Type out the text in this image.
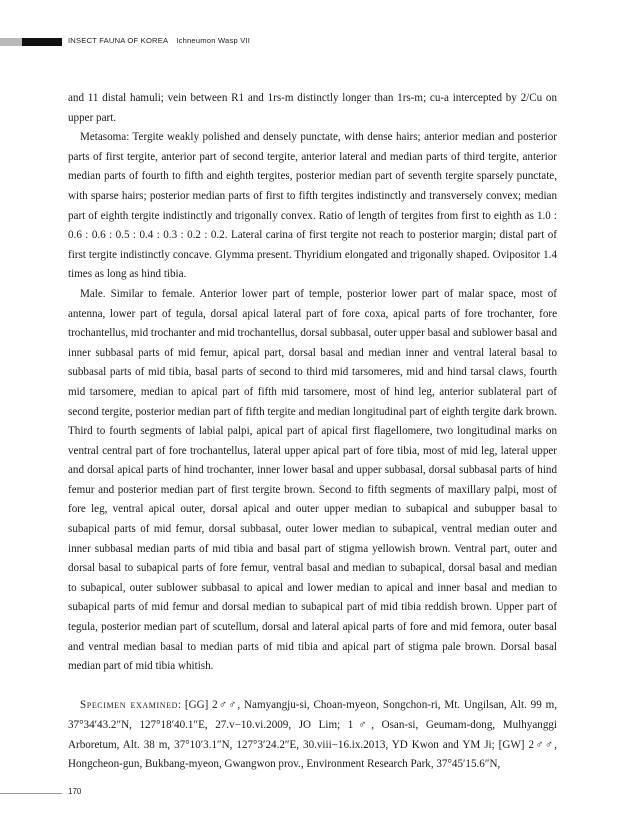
INSECT FAUNA OF KOREA Ichneumon Wasp VII

and 11 distal hamuli; vein between R1 and 1rs-m distinctly longer than 1rs-m; cu-a intercepted by 2/Cu on upper part.

Metasoma: Tergite weakly polished and densely punctate, with dense hairs; anterior median and posterior parts of first tergite, anterior part of second tergite, anterior lateral and median parts of third tergite, anterior median parts of fourth to fifth and eighth tergites, posterior median part of seventh tergite sparsely punctate, with sparse hairs; posterior median parts of first to fifth tergites indistinctly and transversely convex; median part of eighth tergite indistinctly and trigonally convex. Ratio of length of tergites from first to eighth as 1.0 : 0.6 : 0.6 : 0.5 : 0.4 : 0.3 : 0.2 : 0.2. Lateral carina of first tergite not reach to posterior margin; distal part of first tergite indistinctly concave. Glymma present. Thyridium elongated and trigonally shaped. Ovipositor 1.4 times as long as hind tibia.

Male. Similar to female. Anterior lower part of temple, posterior lower part of malar space, most of antenna, lower part of tegula, dorsal apical lateral part of fore coxa, apical parts of fore trochanter, fore trochantellus, mid trochanter and mid trochantellus, dorsal subbasal, outer upper basal and sublower basal and inner subbasal parts of mid femur, apical part, dorsal basal and median inner and ventral lateral basal to subbasal parts of mid tibia, basal parts of second to third mid tarsomeres, mid and hind tarsal claws, fourth mid tarsomere, median to apical part of fifth mid tarsomere, most of hind leg, anterior sublateral part of second tergite, posterior median part of fifth tergite and median longitudinal part of eighth tergite dark brown. Third to fourth segments of labial palpi, apical part of apical first flagellomere, two longitudinal marks on ventral central part of fore trochantellus, lateral upper apical part of fore tibia, most of mid leg, lateral upper and dorsal apical parts of hind trochanter, inner lower basal and upper subbasal, dorsal subbasal parts of hind femur and posterior median part of first tergite brown. Second to fifth segments of maxillary palpi, most of fore leg, ventral apical outer, dorsal apical and outer upper median to subapical and subupper basal to subapical parts of mid femur, dorsal subbasal, outer lower median to subapical, ventral median outer and inner subbasal median parts of mid tibia and basal part of stigma yellowish brown. Ventral part, outer and dorsal basal to subapical parts of fore femur, ventral basal and median to subapical, dorsal basal and median to subapical, outer sublower subbasal to apical and lower median to apical and inner basal and median to subapical parts of mid femur and dorsal median to subapical part of mid tibia reddish brown. Upper part of tegula, posterior median part of scutellum, dorsal and lateral apical parts of fore and mid femora, outer basal and ventral median basal to median parts of mid tibia and apical part of stigma pale brown. Dorsal basal median part of mid tibia whitish.

Specimen examined: [GG] 2♂♂, Namyangju-si, Choan-myeon, Songchon-ri, Mt. Ungilsan, Alt. 99 m, 37°34′43.2″N, 127°18′40.1″E, 27.v−10.vi.2009, JO Lim; 1♂, Osan-si, Geumam-dong, Mulhyanggi Arboretum, Alt. 38 m, 37°10′3.1″N, 127°3′24.2″E, 30.viii−16.ix.2013, YD Kwon and YM Ji; [GW] 2♂♂, Hongcheon-gun, Bukbang-myeon, Gwangwon prov., Environment Research Park, 37°45′15.6″N,

170
